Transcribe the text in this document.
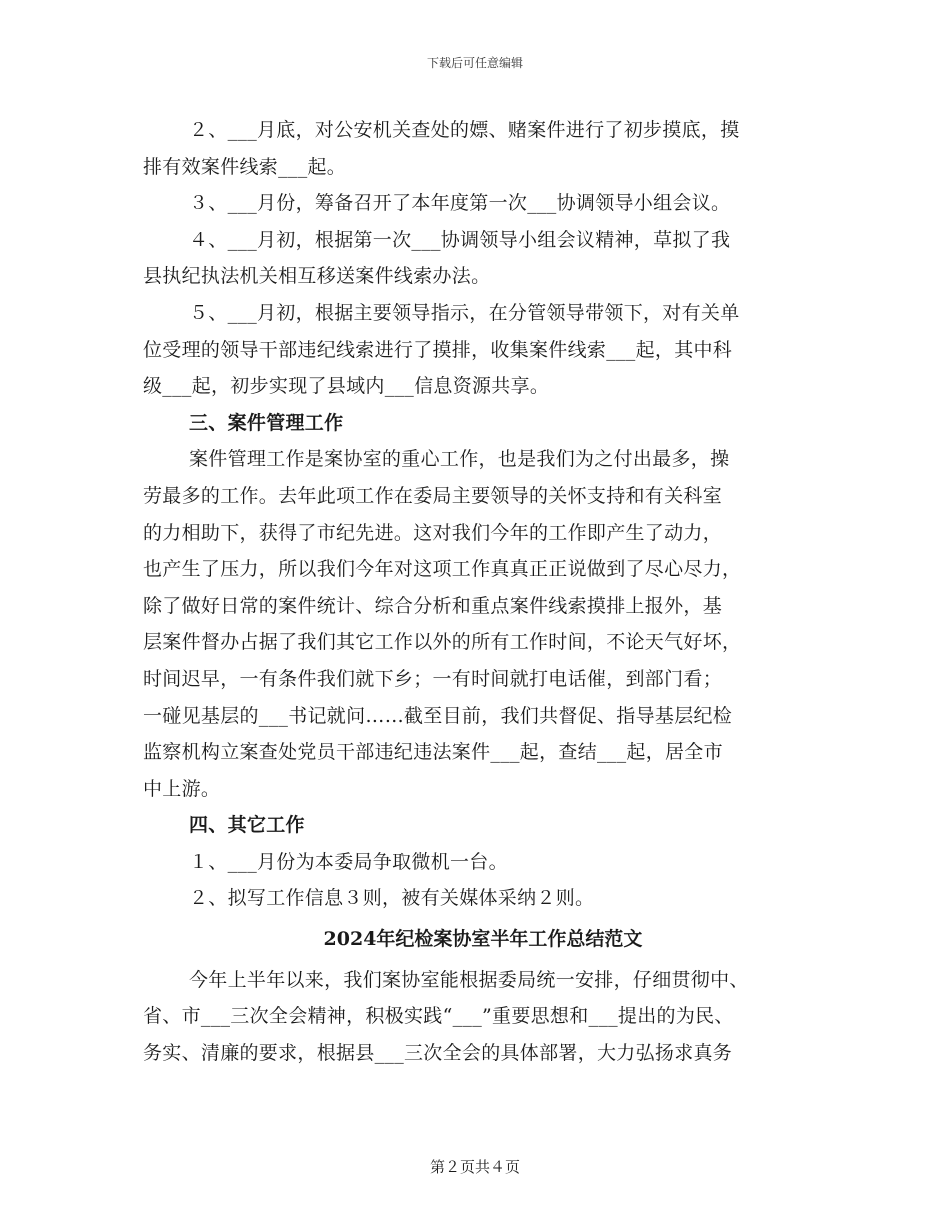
下载后可任意编辑
２、___月底，对公安机关查处的嫖、赌案件进行了初步摸底，摸
排有效案件线索___起。
３、___月份，筹备召开了本年度第一次___协调领导小组会议。
４、___月初，根据第一次___协调领导小组会议精神，草拟了我
县执纪执法机关相互移送案件线索办法。
５、___月初，根据主要领导指示，在分管领导带领下，对有关单
位受理的领导干部违纪线索进行了摸排，收集案件线索___起，其中科
级___起，初步实现了县域内___信息资源共享。
三、案件管理工作
案件管理工作是案协室的重心工作，也是我们为之付出最多，操
劳最多的工作。去年此项工作在委局主要领导的关怀支持和有关科室
的力相助下，获得了市纪先进。这对我们今年的工作即产生了动力，
也产生了压力，所以我们今年对这项工作真真正正说做到了尽心尽力，
除了做好日常的案件统计、综合分析和重点案件线索摸排上报外，基
层案件督办占据了我们其它工作以外的所有工作时间，不论天气好坏，
时间迟早，一有条件我们就下乡；一有时间就打电话催，到部门看；
一碰见基层的___书记就问……截至目前，我们共督促、指导基层纪检
监察机构立案查处党员干部违纪违法案件___起，查结___起，居全市
中上游。
四、其它工作
１、___月份为本委局争取微机一台。
２、拟写工作信息３则，被有关媒体采纳２则。
2024年纪检案协室半年工作总结范文
今年上半年以来，我们案协室能根据委局统一安排，仔细贯彻中、
省、市___三次全会精神，积极实践“___”重要思想和___提出的为民、
务实、清廉的要求，根据县___三次全会的具体部署，大力弘扬求真务
第２页共４页
